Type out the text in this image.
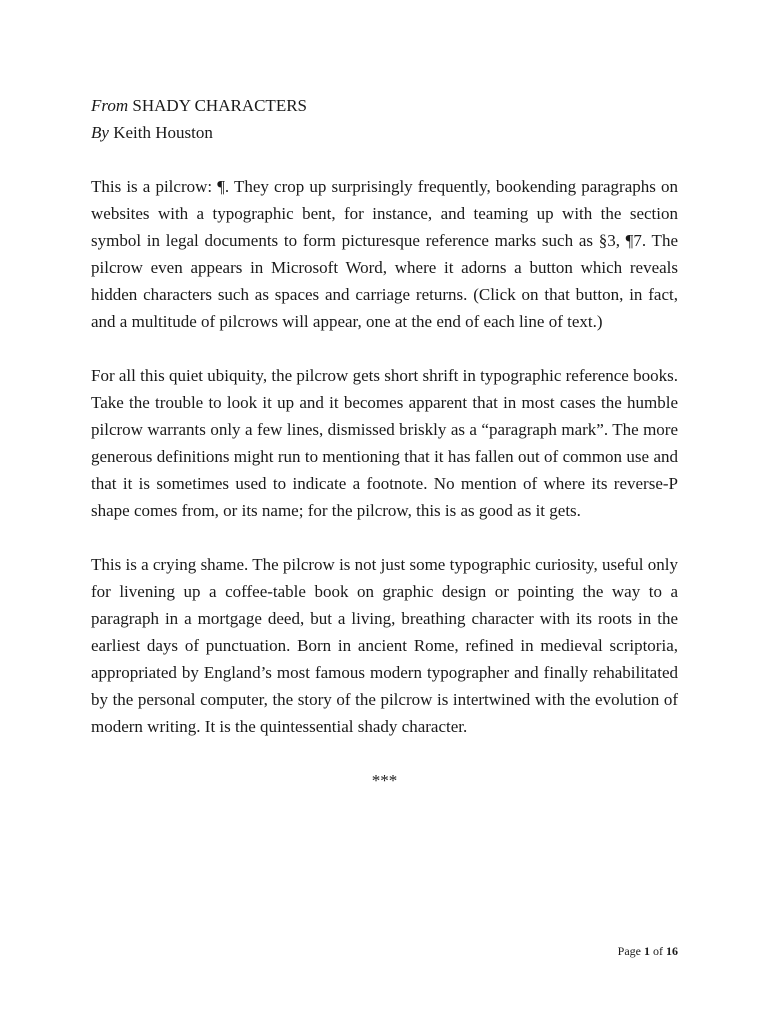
From SHADY CHARACTERS

By Keith Houston

This is a pilcrow: ¶. They crop up surprisingly frequently, bookending paragraphs on websites with a typographic bent, for instance, and teaming up with the section symbol in legal documents to form picturesque reference marks such as §3, ¶7. The pilcrow even appears in Microsoft Word, where it adorns a button which reveals hidden characters such as spaces and carriage returns. (Click on that button, in fact, and a multitude of pilcrows will appear, one at the end of each line of text.)

For all this quiet ubiquity, the pilcrow gets short shrift in typographic reference books. Take the trouble to look it up and it becomes apparent that in most cases the humble pilcrow warrants only a few lines, dismissed briskly as a “paragraph mark”. The more generous definitions might run to mentioning that it has fallen out of common use and that it is sometimes used to indicate a footnote. No mention of where its reverse-P shape comes from, or its name; for the pilcrow, this is as good as it gets.

This is a crying shame. The pilcrow is not just some typographic curiosity, useful only for livening up a coffee-table book on graphic design or pointing the way to a paragraph in a mortgage deed, but a living, breathing character with its roots in the earliest days of punctuation. Born in ancient Rome, refined in medieval scriptoria, appropriated by England’s most famous modern typographer and finally rehabilitated by the personal computer, the story of the pilcrow is intertwined with the evolution of modern writing. It is the quintessential shady character.

***
Page 1 of 16
